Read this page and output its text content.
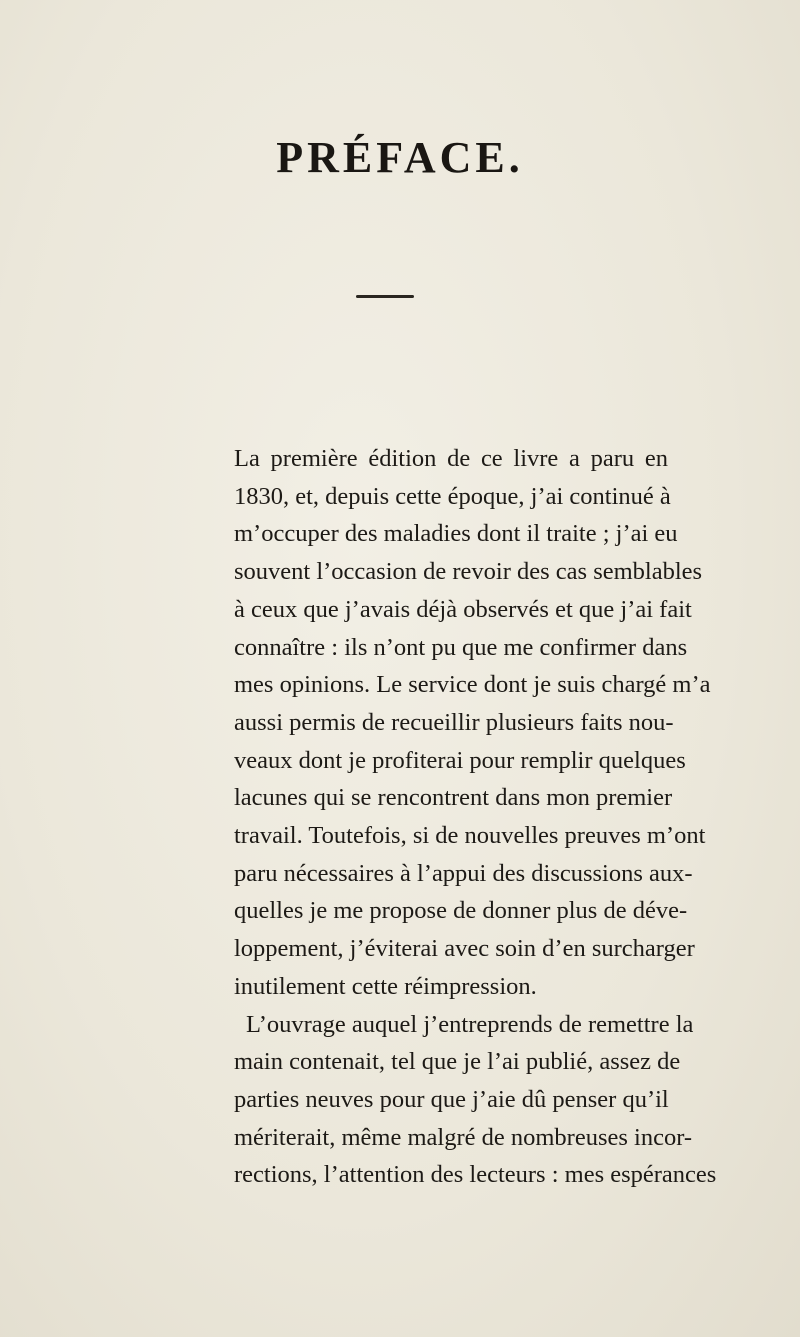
PRÉFACE.
La première édition de ce livre a paru en
1830, et, depuis cette époque, j’ai continué à
m’occuper des maladies dont il traite ; j’ai eu
souvent l’occasion de revoir des cas semblables
à ceux que j’avais déjà observés et que j’ai fait
connaître : ils n’ont pu que me confirmer dans
mes opinions. Le service dont je suis chargé m’a
aussi permis de recueillir plusieurs faits nou-
veaux dont je profiterai pour remplir quelques
lacunes qui se rencontrent dans mon premier
travail. Toutefois, si de nouvelles preuves m’ont
paru nécessaires à l’appui des discussions aux-
quelles je me propose de donner plus de déve-
loppement, j’éviterai avec soin d’en surcharger
inutilement cette réimpression.
L’ouvrage auquel j’entreprends de remettre la
main contenait, tel que je l’ai publié, assez de
parties neuves pour que j’aie dû penser qu’il
mériterait, même malgré de nombreuses incor-
rections, l’attention des lecteurs : mes espérances
